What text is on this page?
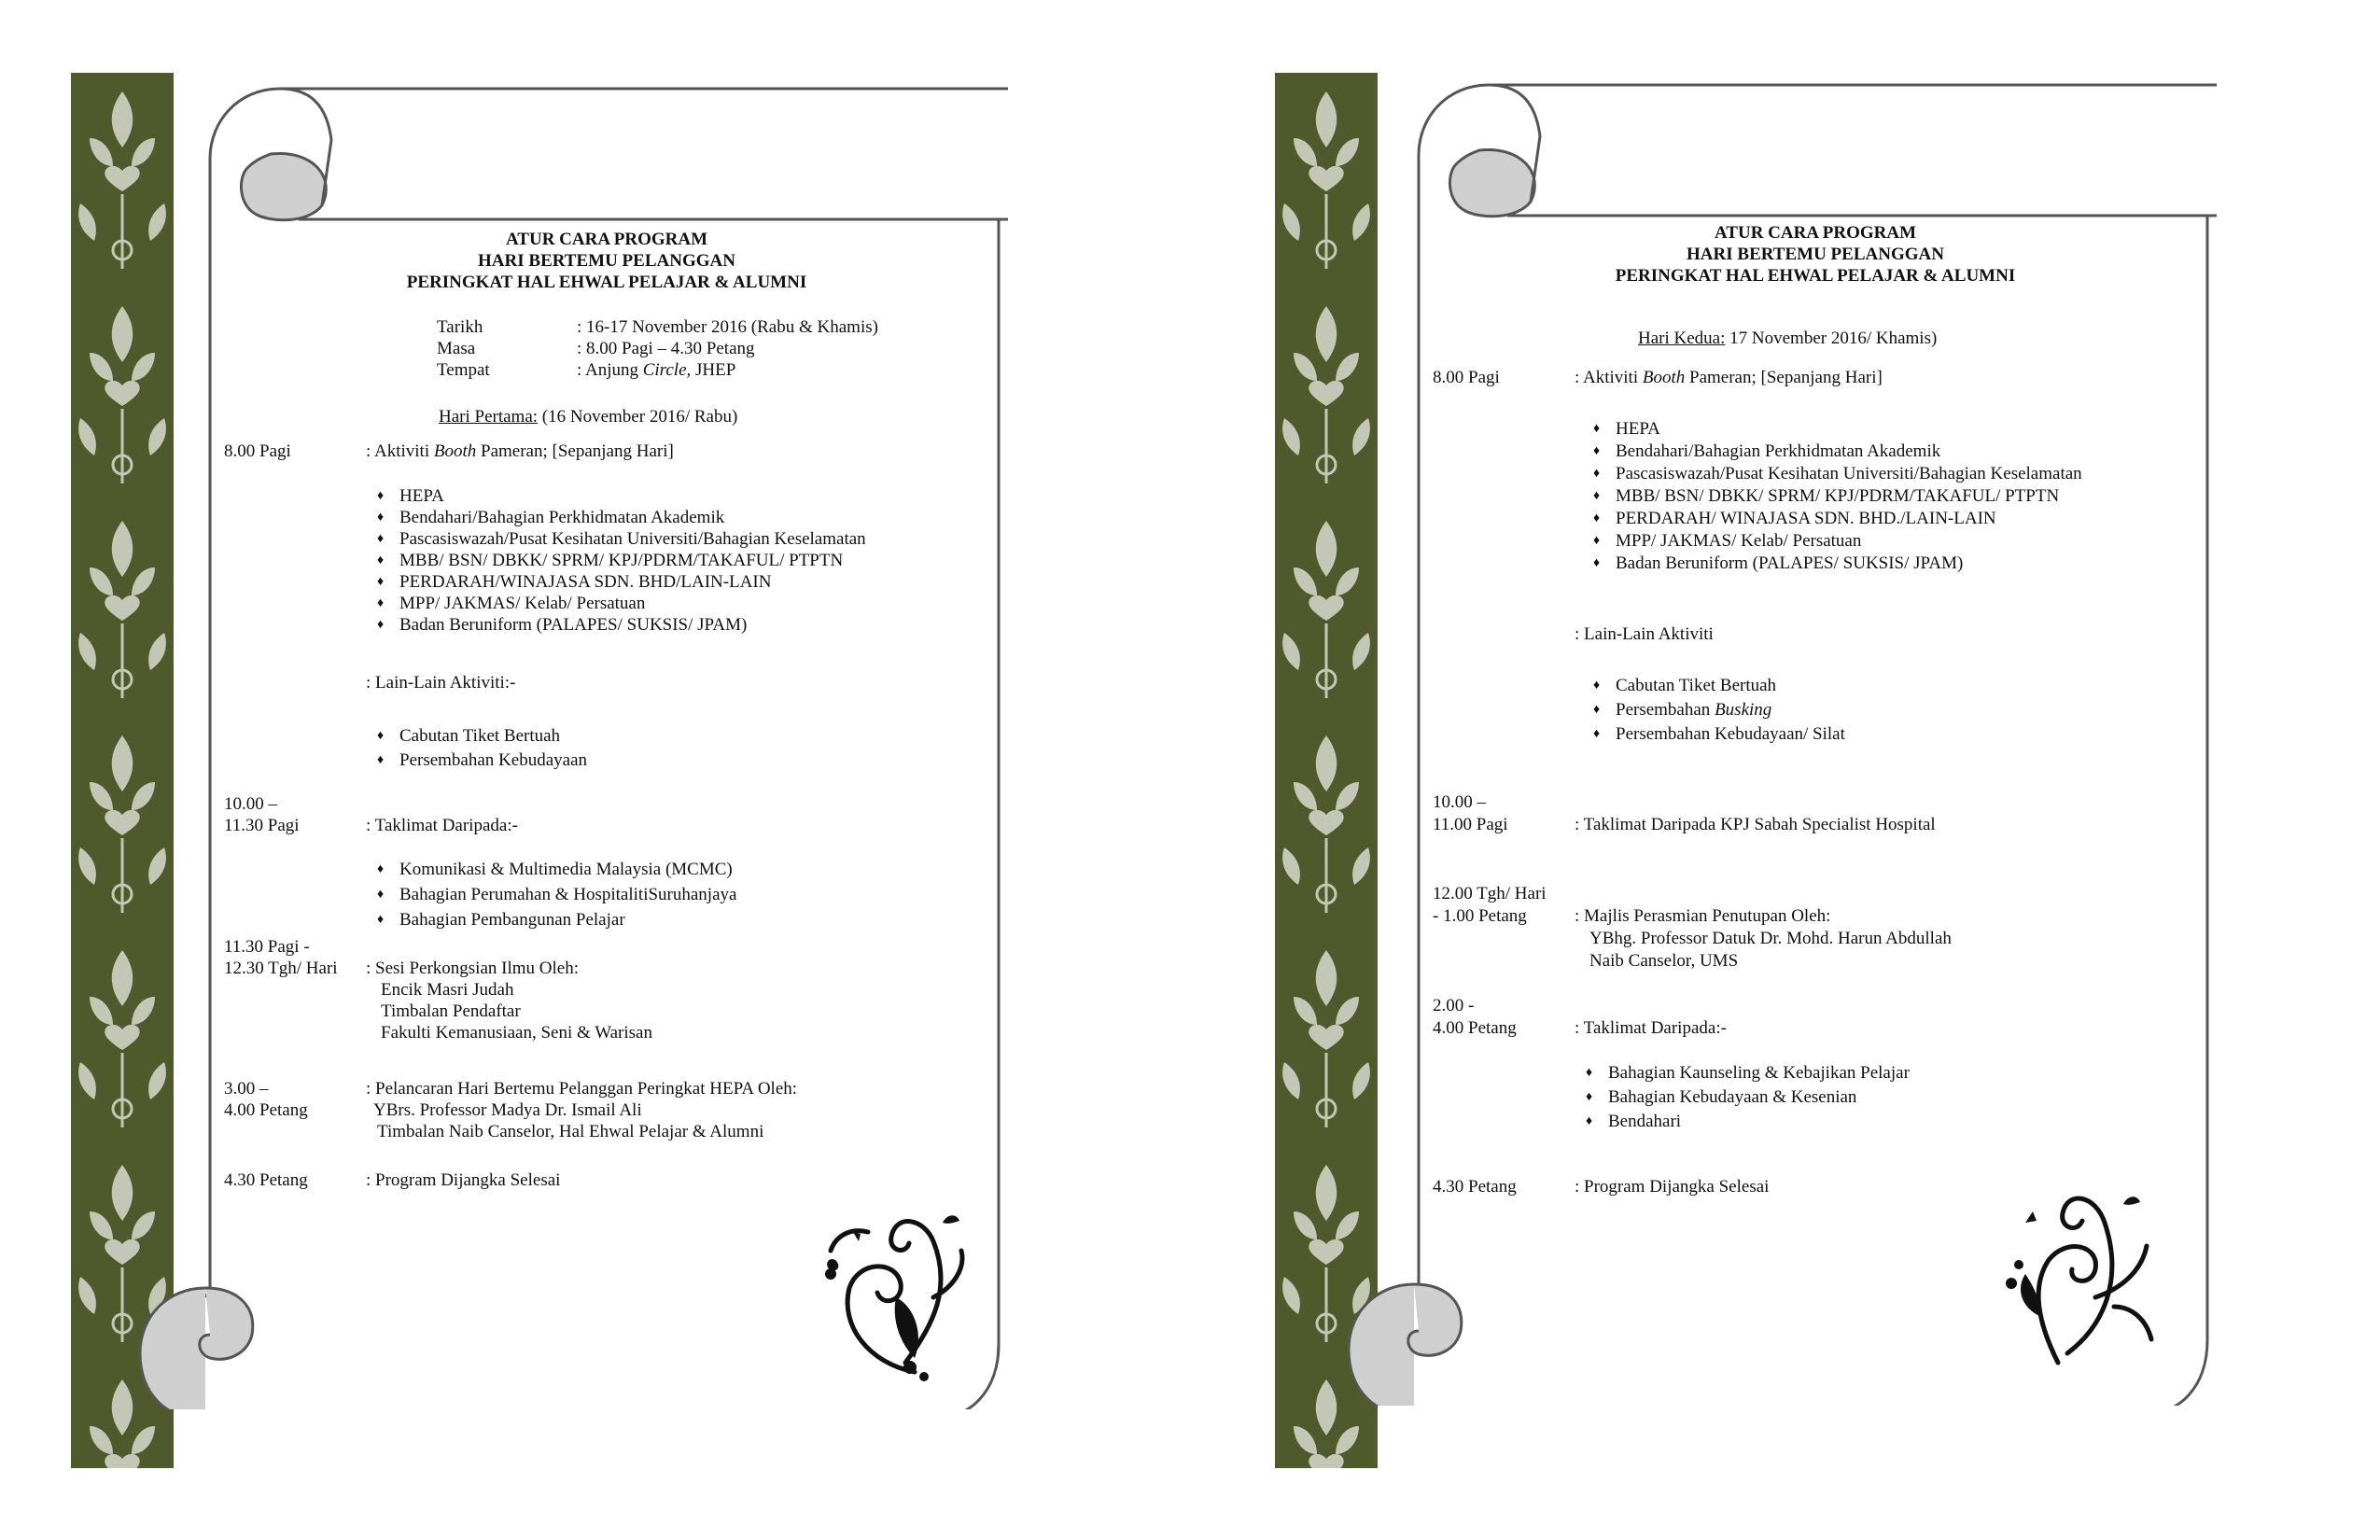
ATUR CARA PROGRAM
HARI BERTEMU PELANGGAN
PERINGKAT HAL EHWAL PELAJAR & ALUMNI
Tarikh	: 16-17 November 2016 (Rabu & Khamis)
Masa	: 8.00 Pagi – 4.30 Petang
Tempat	: Anjung Circle, JHEP
Hari Pertama: (16 November 2016/ Rabu)
8.00 Pagi	: Aktiviti Booth Pameran; [Sepanjang Hari]
♦ HEPA
♦ Bendahari/Bahagian Perkhidmatan Akademik
♦ Pascasiswazah/Pusat Kesihatan Universiti/Bahagian Keselamatan
♦ MBB/ BSN/ DBKK/ SPRM/ KPJ/PDRM/TAKAFUL/ PTPTN
♦ PERDARAH/WINAJASA SDN. BHD/LAIN-LAIN
♦ MPP/ JAKMAS/ Kelab/ Persatuan
♦ Badan Beruniform (PALAPES/ SUKSIS/ JPAM)
: Lain-Lain Aktiviti:-
♦ Cabutan Tiket Bertuah
♦ Persembahan Kebudayaan
10.00 –
11.30 Pagi	: Taklimat Daripada:-
♦ Komunikasi & Multimedia Malaysia (MCMC)
♦ Bahagian Perumahan & HospitalitiSuruhanjaya
♦ Bahagian Pembangunan Pelajar
11.30 Pagi -
12.30 Tgh/ Hari : Sesi Perkongsian Ilmu Oleh:
Encik Masri Judah
Timbalan Pendaftar
Fakulti Kemanusiaan, Seni & Warisan
3.00 –
4.00 Petang
: Pelancaran Hari Bertemu Pelanggan Peringkat HEPA Oleh:
YBrs. Professor Madya Dr. Ismail Ali
Timbalan Naib Canselor, Hal Ehwal Pelajar & Alumni
4.30 Petang	: Program Dijangka Selesai
ATUR CARA PROGRAM
HARI BERTEMU PELANGGAN
PERINGKAT HAL EHWAL PELAJAR & ALUMNI
Hari Kedua: 17 November 2016/ Khamis)
8.00 Pagi	: Aktiviti Booth Pameran; [Sepanjang Hari]
♦ HEPA
♦ Bendahari/Bahagian Perkhidmatan Akademik
♦ Pascasiswazah/Pusat Kesihatan Universiti/Bahagian Keselamatan
♦ MBB/ BSN/ DBKK/ SPRM/ KPJ/PDRM/TAKAFUL/ PTPTN
♦ PERDARAH/ WINAJASA SDN. BHD./LAIN-LAIN
♦ MPP/ JAKMAS/ Kelab/ Persatuan
♦ Badan Beruniform (PALAPES/ SUKSIS/ JPAM)
: Lain-Lain Aktiviti
♦ Cabutan Tiket Bertuah
♦ Persembahan Busking
♦ Persembahan Kebudayaan/ Silat
10.00 –
11.00 Pagi	: Taklimat Daripada KPJ Sabah Specialist Hospital
12.00 Tgh/ Hari
- 1.00 Petang	: Majlis Perasmian Penutupan Oleh:
YBhg. Professor Datuk Dr. Mohd. Harun Abdullah
Naib Canselor, UMS
2.00 -
4.00 Petang	: Taklimat Daripada:-
♦ Bahagian Kaunseling & Kebajikan Pelajar
♦ Bahagian Kebudayaan & Kesenian
♦ Bendahari
4.30 Petang	: Program Dijangka Selesai
